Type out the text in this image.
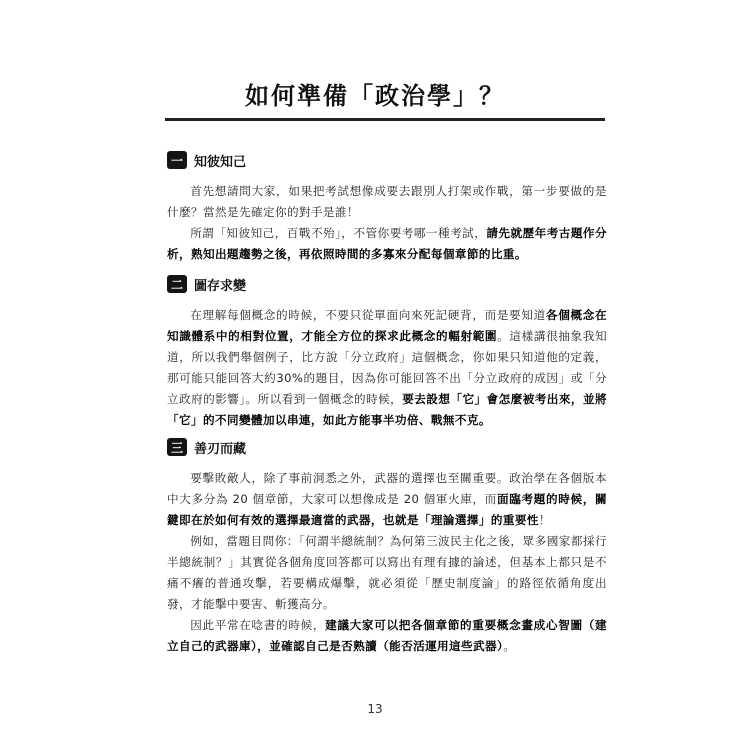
如何準備「政治學」？
一 知彼知己

首先想請問大家，如果把考試想像成要去跟別人打架或作戰，第一步要做的是什麼？當然是先確定你的對手是誰！

所謂「知彼知己，百戰不殆」，不管你要考哪一種考試，請先就歷年考古題作分析，熟知出題趨勢之後，再依照時間的多寡來分配每個章節的比重。

二 圖存求變

在理解每個概念的時候，不要只從單面向來死記硬背，而是要知道各個概念在知識體系中的相對位置，才能全方位的探求此概念的輻射範圍。這樣講很抽象我知道，所以我們舉個例子，比方說「分立政府」這個概念，你如果只知道他的定義，那可能只能回答大約30%的題目，因為你可能回答不出「分立政府的成因」或「分立政府的影響」。所以看到一個概念的時候，要去設想「它」會怎麼被考出來，並將「它」的不同變體加以串連，如此方能事半功倍、戰無不克。

三 善刃而藏

要擊敗敵人，除了事前洞悉之外，武器的選擇也至關重要。政治學在各個版本中大多分為 20 個章節，大家可以想像成是 20 個軍火庫，而面臨考題的時候，關鍵即在於如何有效的選擇最適當的武器，也就是「理論選擇」的重要性！

例如，當題目問你：「何謂半總統制？為何第三波民主化之後，眾多國家都採行半總統制？」其實從各個角度回答都可以寫出有理有據的論述，但基本上都只是不痛不癢的普通攻擊，若要構成爆擊，就必須從「歷史制度論」的路徑依循角度出發，才能擊中要害、斬獲高分。

因此平常在唸書的時候，建議大家可以把各個章節的重要概念畫成心智圖（建立自己的武器庫），並確認自己是否熟讀（能否活運用這些武器）。

13
